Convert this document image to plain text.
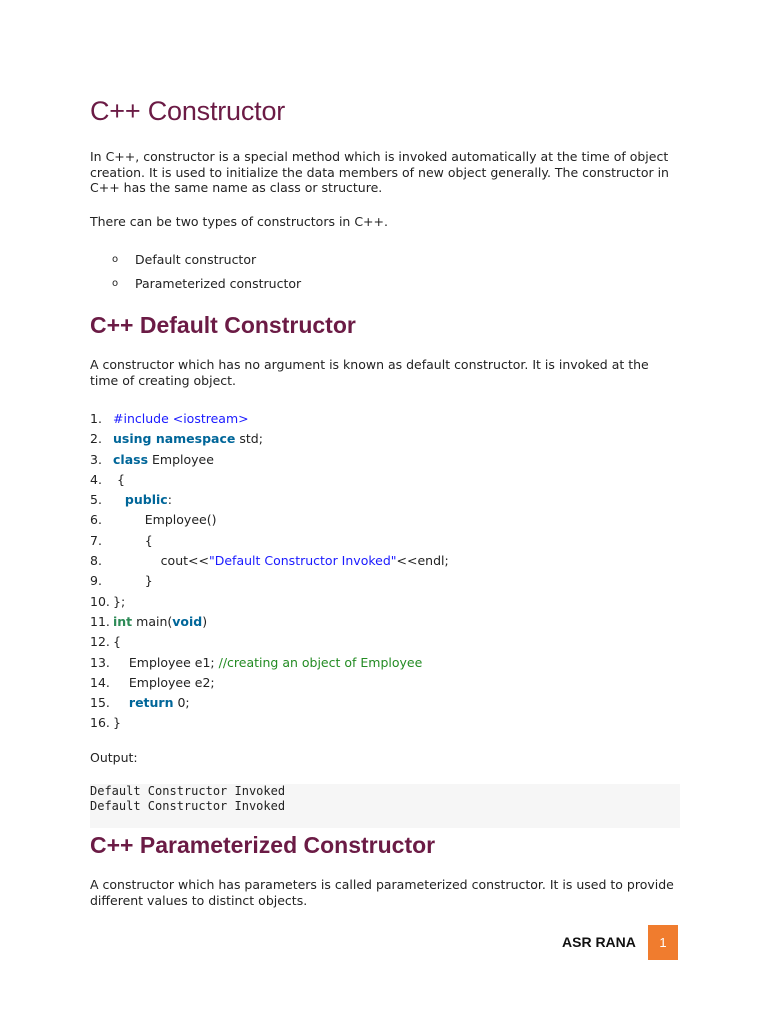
C++ Constructor

In C++, constructor is a special method which is invoked automatically at the time of object creation. It is used to initialize the data members of new object generally. The constructor in C++ has the same name as class or structure.

There can be two types of constructors in C++.

o Default constructor
o Parameterized constructor
C++ Default Constructor

A constructor which has no argument is known as default constructor. It is invoked at the time of creating object.

1. #include <iostream>
2. using namespace std;
3. class Employee
4. {
5. public:
6.        Employee()
7.        {
8.            cout<<"Default Constructor Invoked"<<endl;
9.        }
10. };
11. int main(void)
12. {
13.    Employee e1; //creating an object of Employee
14.    Employee e2;
15. return 0;
16. }

Output:

Default Constructor Invoked
Default Constructor Invoked
C++ Parameterized Constructor

A constructor which has parameters is called parameterized constructor. It is used to provide different values to distinct objects.

ASR RANA	1
